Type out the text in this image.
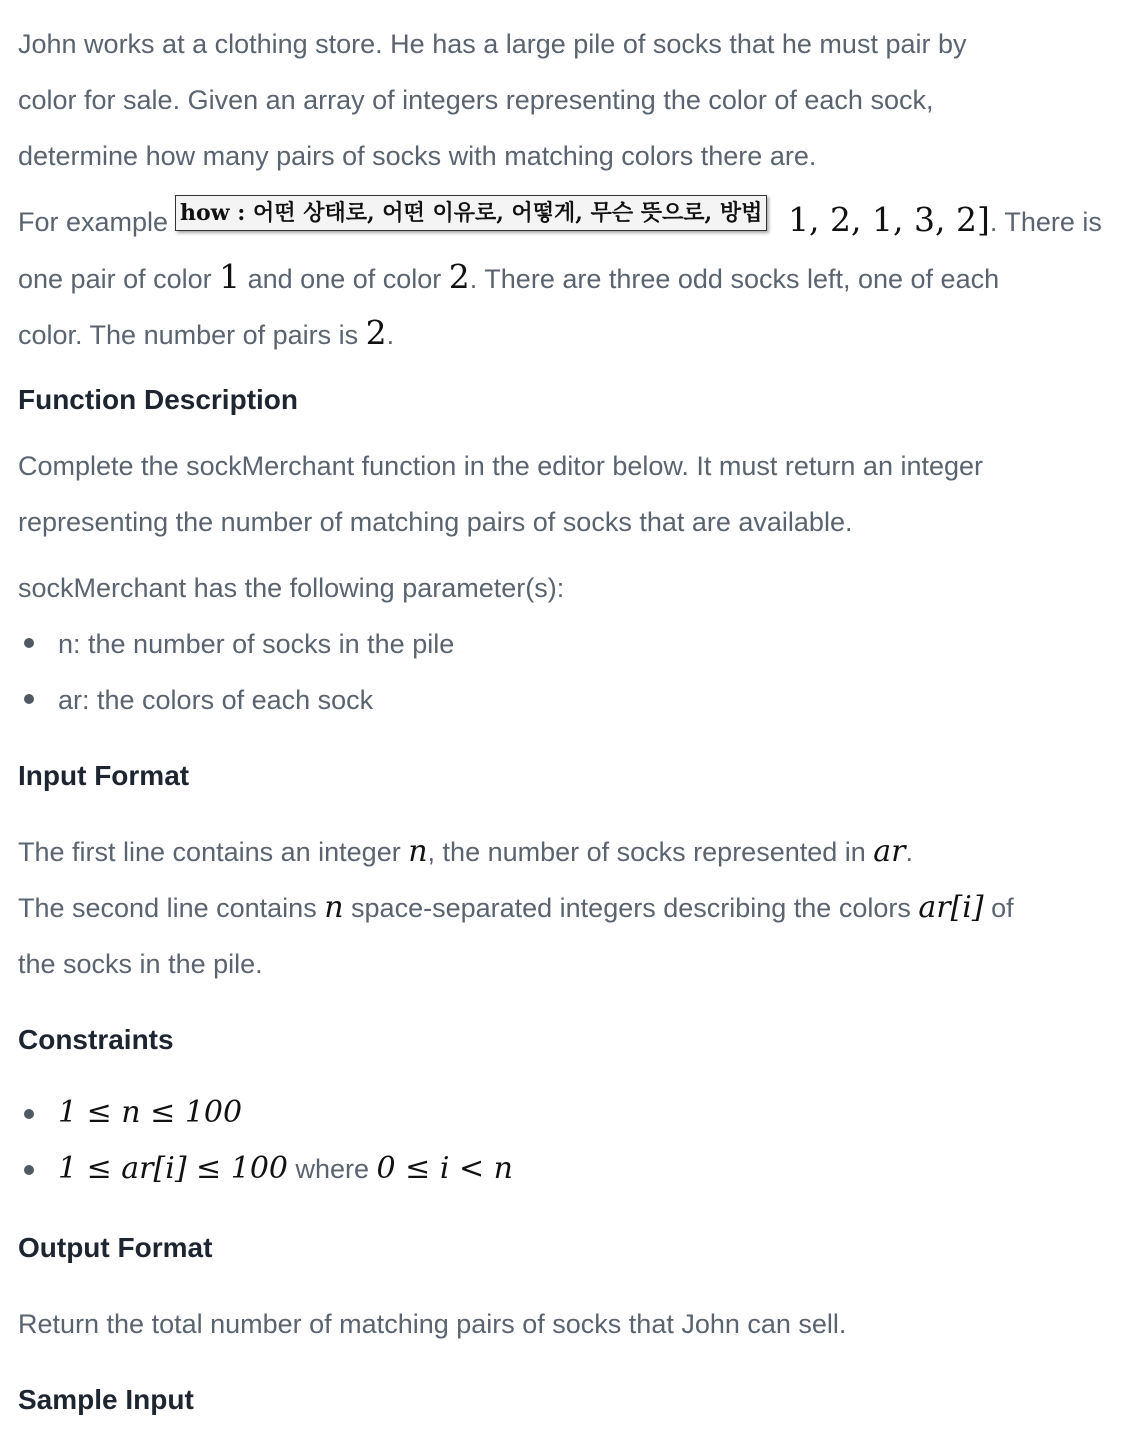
John works at a clothing store. He has a large pile of socks that he must pair by
color for sale. Given an array of integers representing the color of each sock,
determine how many pairs of socks with matching colors there are.
For example	1, 2, 1, 3, 2]. There is
one pair of color 1 and one of color 2. There are three odd socks left, one of each
color. The number of pairs is 2.
Function Description
Complete the sockMerchant function in the editor below. It must return an integer
representing the number of matching pairs of socks that are available.
sockMerchant has the following parameter(s):
n: the number of socks in the pile
ar: the colors of each sock
Input Format
The first line contains an integer n, the number of socks represented in ar.
The second line contains n space-separated integers describing the colors ar[i] of
the socks in the pile.
Constraints
1 ≤ n ≤ 100
1 ≤ ar[i] ≤ 100 where 0 ≤ i < n
Output Format
Return the total number of matching pairs of socks that John can sell.
Sample Input
how : 어떤 상태로, 어떤 이유로, 어떻게, 무슨 뜻으로, 방법
